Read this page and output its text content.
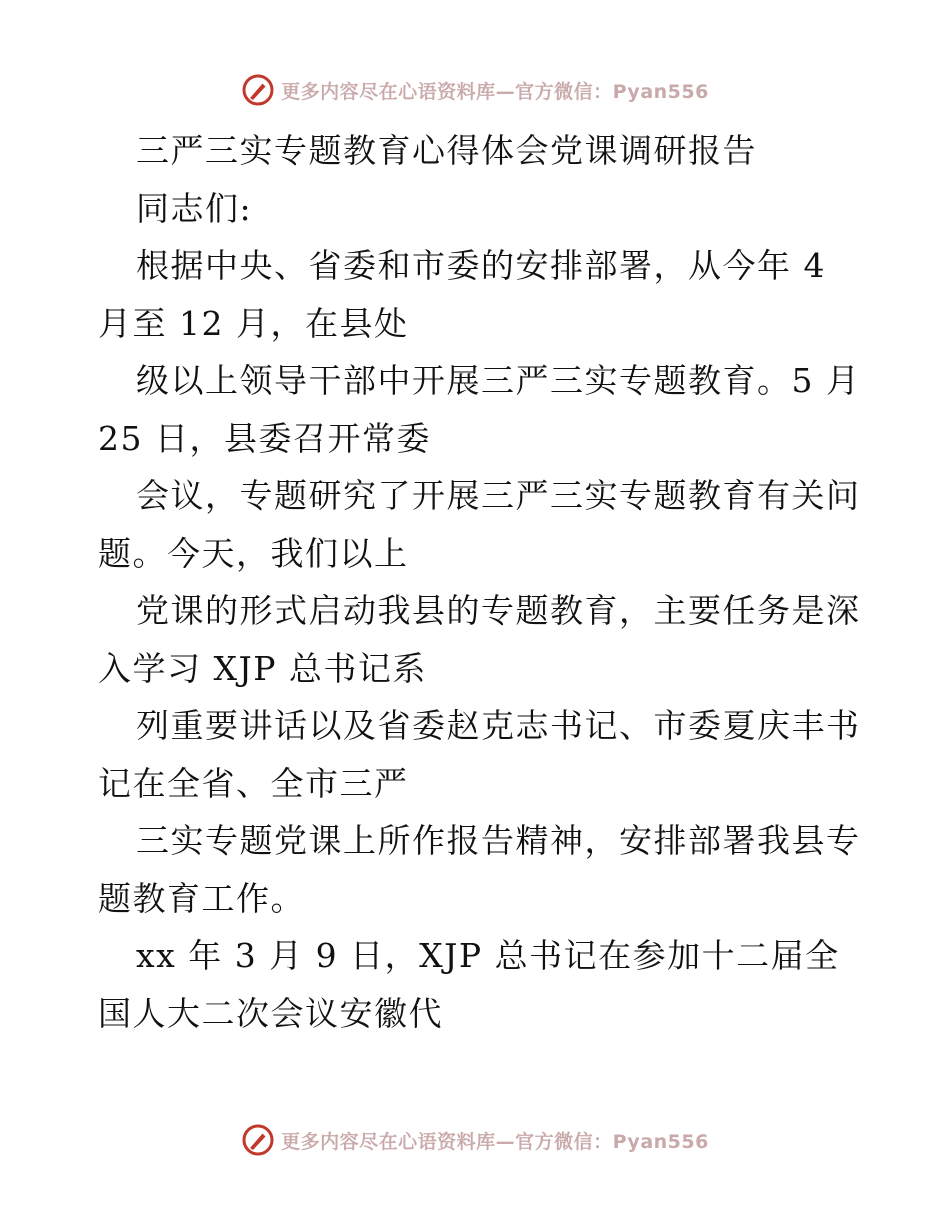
更多内容尽在心语资料库—官方微信：Pyan556
三严三实专题教育心得体会党课调研报告
同志们:
根据中央、省委和市委的安排部署，从今年 4
月至 12 月，在县处
级以上领导干部中开展三严三实专题教育。5 月
25 日，县委召开常委
会议，专题研究了开展三严三实专题教育有关问
题。今天，我们以上
党课的形式启动我县的专题教育，主要任务是深
入学习 XJP 总书记系
列重要讲话以及省委赵克志书记、市委夏庆丰书
记在全省、全市三严
三实专题党课上所作报告精神，安排部署我县专
题教育工作。
xx 年 3 月 9 日，XJP 总书记在参加十二届全
国人大二次会议安徽代
更多内容尽在心语资料库—官方微信：Pyan556
